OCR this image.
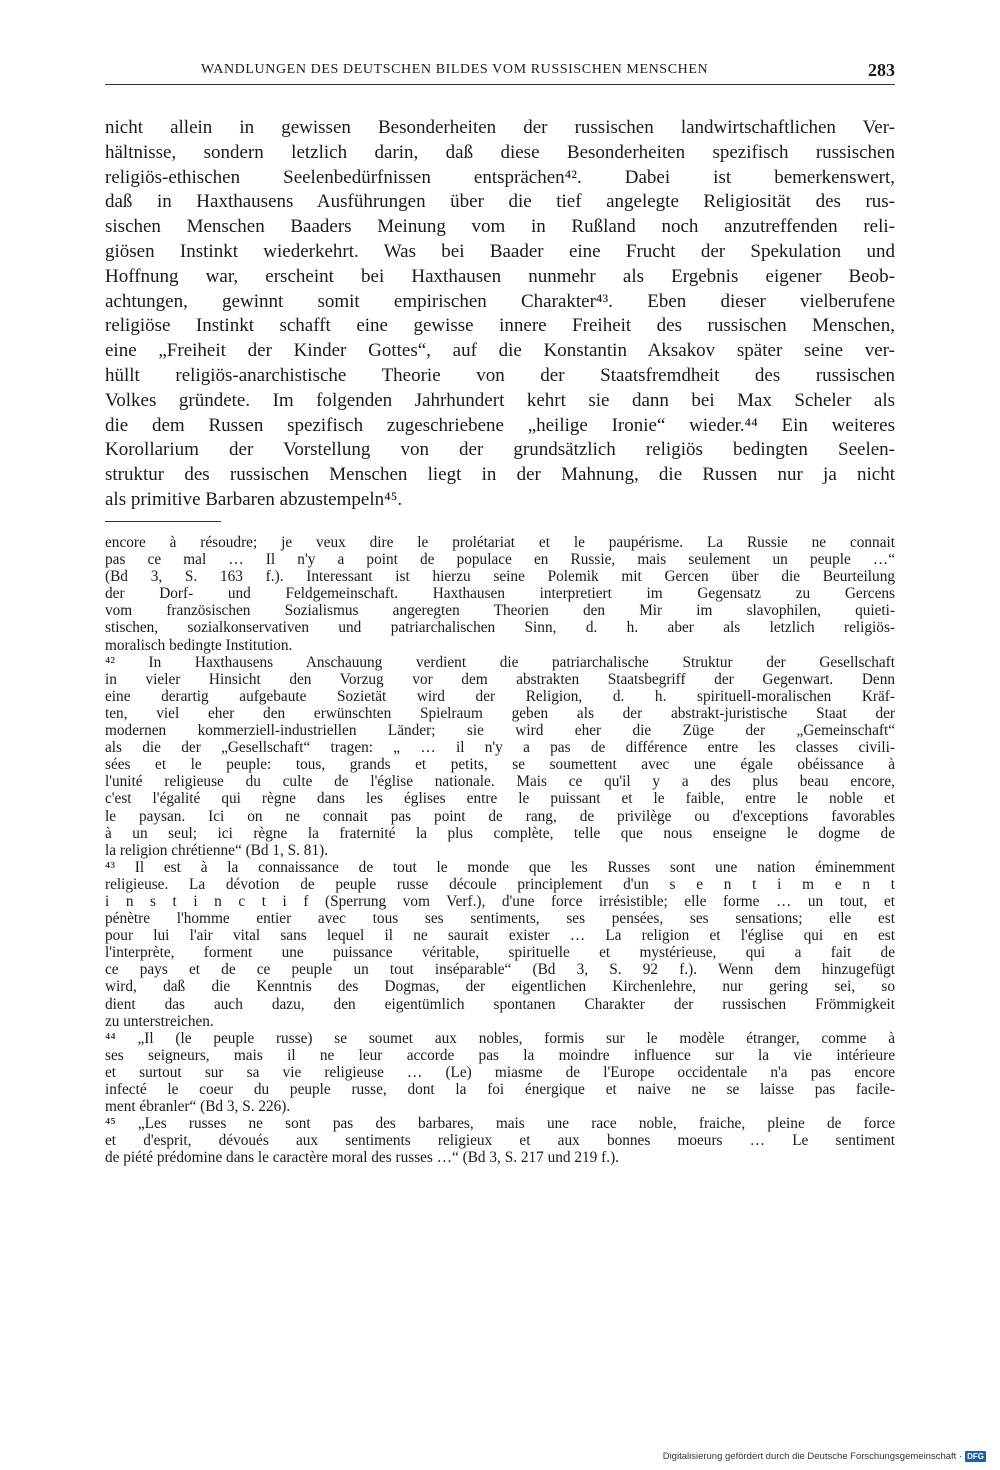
WANDLUNGEN DES DEUTSCHEN BILDES VOM RUSSISCHEN MENSCHEN	283
nicht allein in gewissen Besonderheiten der russischen landwirtschaftlichen Ver-
hältnisse, sondern letzlich darin, daß diese Besonderheiten spezifisch russischen
religiös-ethischen Seelenbedürfnissen entsprächen⁴². Dabei ist bemerkenswert,
daß in Haxthausens Ausführungen über die tief angelegte Religiosität des rus-
sischen Menschen Baaders Meinung vom in Rußland noch anzutreffenden reli-
giösen Instinkt wiederkehrt. Was bei Baader eine Frucht der Spekulation und
Hoffnung war, erscheint bei Haxthausen nunmehr als Ergebnis eigener Beob-
achtungen, gewinnt somit empirischen Charakter⁴³. Eben dieser vielberufene
religiöse Instinkt schafft eine gewisse innere Freiheit des russischen Menschen,
eine „Freiheit der Kinder Gottes“, auf die Konstantin Aksakov später seine ver-
hüllt religiös-anarchistische Theorie von der Staatsfremdheit des russischen
Volkes gründete. Im folgenden Jahrhundert kehrt sie dann bei Max Scheler als
die dem Russen spezifisch zugeschriebene „heilige Ironie“ wieder.⁴⁴ Ein weiteres
Korollarium der Vorstellung von der grundsätzlich religiös bedingten Seelen-
struktur des russischen Menschen liegt in der Mahnung, die Russen nur ja nicht
als primitive Barbaren abzustempeln⁴⁵.
encore à résoudre; je veux dire le prolétariat et le paupérisme. La Russie ne connait
pas ce mal … Il n'y a point de populace en Russie, mais seulement un peuple …“
(Bd 3, S. 163 f.). Interessant ist hierzu seine Polemik mit Gercen über die Beurteilung
der Dorf- und Feldgemeinschaft. Haxthausen interpretiert im Gegensatz zu Gercens
vom französischen Sozialismus angeregten Theorien den Mir im slavophilen, quieti-
stischen, sozialkonservativen und patriarchalischen Sinn, d. h. aber als letzlich religiös-
moralisch bedingte Institution.
⁴² In Haxthausens Anschauung verdient die patriarchalische Struktur der Gesellschaft
in vieler Hinsicht den Vorzug vor dem abstrakten Staatsbegriff der Gegenwart. Denn
eine derartig aufgebaute Sozietät wird der Religion, d. h. spirituell-moralischen Kräf-
ten, viel eher den erwünschten Spielraum geben als der abstrakt-juristische Staat der
modernen kommerziell-industriellen Länder; sie wird eher die Züge der „Gemeinschaft“
als die der „Gesellschaft“ tragen: „ … il n'y a pas de différence entre les classes civili-
sées et le peuple: tous, grands et petits, se soumettent avec une égale obéissance à
l'unité religieuse du culte de l'église nationale. Mais ce qu'il y a des plus beau encore,
c'est l'égalité qui règne dans les églises entre le puissant et le faible, entre le noble et
le paysan. Ici on ne connait pas point de rang, de privilège ou d'exceptions favorables
à un seul; ici règne la fraternité la plus complète, telle que nous enseigne le dogme de
la religion chrétienne“ (Bd 1, S. 81).
⁴³ Il est à la connaissance de tout le monde que les Russes sont une nation éminemment
religieuse. La dévotion de peuple russe découle principlement d'un s e n t i m e n t
i n s t i n c t i f (Sperrung vom Verf.), d'une force irrésistible; elle forme … un tout, et
pénètre l'homme entier avec tous ses sentiments, ses pensées, ses sensations; elle est
pour lui l'air vital sans lequel il ne saurait exister … La religion et l'église qui en est
l'interprète, forment une puissance véritable, spirituelle et mystérieuse, qui a fait de
ce pays et de ce peuple un tout inséparable“ (Bd 3, S. 92 f.). Wenn dem hinzugefügt
wird, daß die Kenntnis des Dogmas, der eigentlichen Kirchenlehre, nur gering sei, so
dient das auch dazu, den eigentümlich spontanen Charakter der russischen Frömmigkeit
zu unterstreichen.
⁴⁴ „Il (le peuple russe) se soumet aux nobles, formis sur le modèle étranger, comme à
ses seigneurs, mais il ne leur accorde pas la moindre influence sur la vie intérieure
et surtout sur sa vie religieuse … (Le) miasme de l'Europe occidentale n'a pas encore
infecté le coeur du peuple russe, dont la foi énergique et naive ne se laisse pas facile-
ment ébranler“ (Bd 3, S. 226).
⁴⁵ „Les russes ne sont pas des barbares, mais une race noble, fraiche, pleine de force
et d'esprit, dévoués aux sentiments religieux et aux bonnes moeurs … Le sentiment
de piété prédomine dans le caractère moral des russes …“ (Bd 3, S. 217 und 219 f.).
Digitalisierung gefördert durch die Deutsche Forschungsgemeinschaft · DFG
